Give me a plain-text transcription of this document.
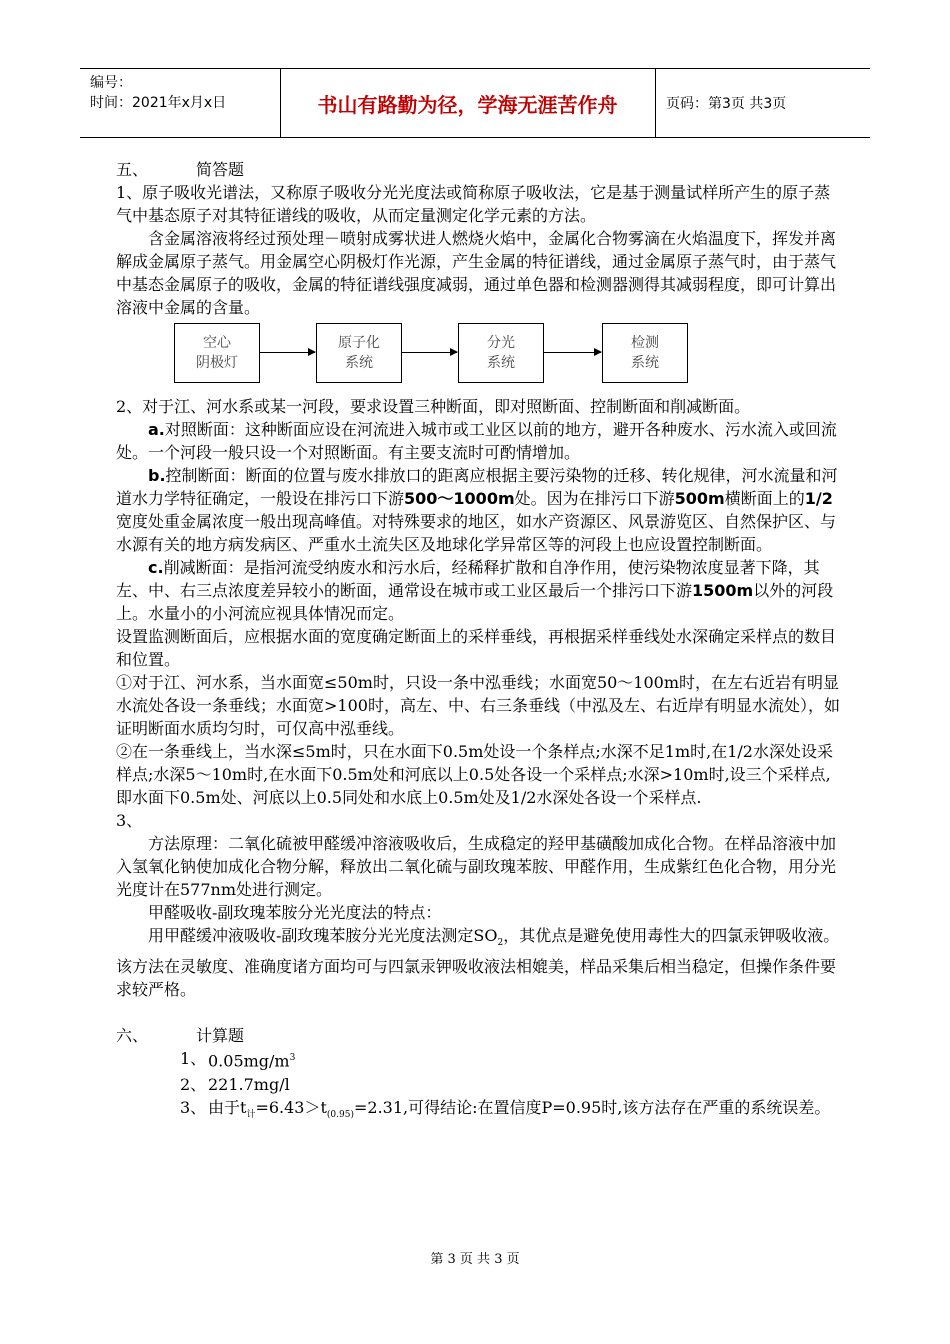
编号：
时间：2021年x月x日	书山有路勤为径，学海无涯苦作舟	页码：第3页 共3页

五、	简答题

1、原子吸收光谱法，又称原子吸收分光光度法或简称原子吸收法，它是基于测量试样所产生的原子蒸气中基态原子对其特征谱线的吸收，从而定量测定化学元素的方法。

含金属溶液将经过预处理－喷射成雾状进人燃烧火焰中，金属化合物雾滴在火焰温度下，挥发并离解成金属原子蒸气。用金属空心阴极灯作光源，产生金属的特征谱线，通过金属原子蒸气时，由于蒸气中基态金属原子的吸收，金属的特征谱线强度减弱，通过单色器和检测器测得其减弱程度，即可计算出溶液中金属的含量。

空心
阴极灯
原子化
系统
分光
系统
检测
系统

2、对于江、河水系或某一河段，要求设置三种断面，即对照断面、控制断面和削减断面。

a.对照断面：这种断面应设在河流进入城市或工业区以前的地方，避开各种废水、污水流入或回流处。一个河段一般只设一个对照断面。有主要支流时可酌情增加。

b.控制断面：断面的位置与废水排放口的距离应根据主要污染物的迁移、转化规律，河水流量和河道水力学特征确定，一般设在排污口下游500～1000m处。因为在排污口下游500m横断面上的1/2宽度处重金属浓度一般出现高峰值。对特殊要求的地区，如水产资源区、风景游览区、自然保护区、与水源有关的地方病发病区、严重水土流失区及地球化学异常区等的河段上也应设置控制断面。

c.削减断面：是指河流受纳废水和污水后，经稀释扩散和自净作用，使污染物浓度显著下降，其左、中、右三点浓度差异较小的断面，通常设在城市或工业区最后一个排污口下游1500m以外的河段上。水量小的小河流应视具体情况而定。

设置监测断面后，应根据水面的宽度确定断面上的采样垂线，再根据采样垂线处水深确定采样点的数目和位置。

①对于江、河水系，当水面宽≤50m时，只设一条中泓垂线；水面宽50～100m时，在左右近岩有明显水流处各设一条垂线；水面宽>100时，高左、中、右三条垂线（中泓及左、右近岸有明显水流处），如证明断面水质均匀时，可仅高中泓垂线。

②在一条垂线上，当水深≤5m时，只在水面下0.5m处设一个条样点;水深不足1m时,在1/2水深处设采样点;水深5～10m时,在水面下0.5m处和河底以上0.5处各设一个采样点;水深>10m时,设三个采样点,即水面下0.5m处、河底以上0.5同处和水底上0.5m处及1/2水深处各设一个采样点.

3、

方法原理：二氧化硫被甲醛缓冲溶液吸收后，生成稳定的羟甲基磺酸加成化合物。在样品溶液中加入氢氧化钠使加成化合物分解，释放出二氧化硫与副玫瑰苯胺、甲醛作用，生成紫红色化合物，用分光光度计在577nm处进行测定。

甲醛吸收-副玫瑰苯胺分光光度法的特点：

用甲醛缓冲液吸收-副玫瑰苯胺分光光度法测定$SO_2$，其优点是避免使用毒性大的四氯汞钾吸收液。该方法在灵敏度、准确度诸方面均可与四氯汞钾吸收液法相媲美，样品采集后相当稳定，但操作条件要求较严格。

六、	计算题

1、 $0.05mg/m^3$
2、 221.7mg/l
3、 由于$t_计=6.43>t_{(0.95)}=2.31$,可得结论:在置信度P=0.95时,该方法存在严重的系统误差。
第 3 页 共 3 页
